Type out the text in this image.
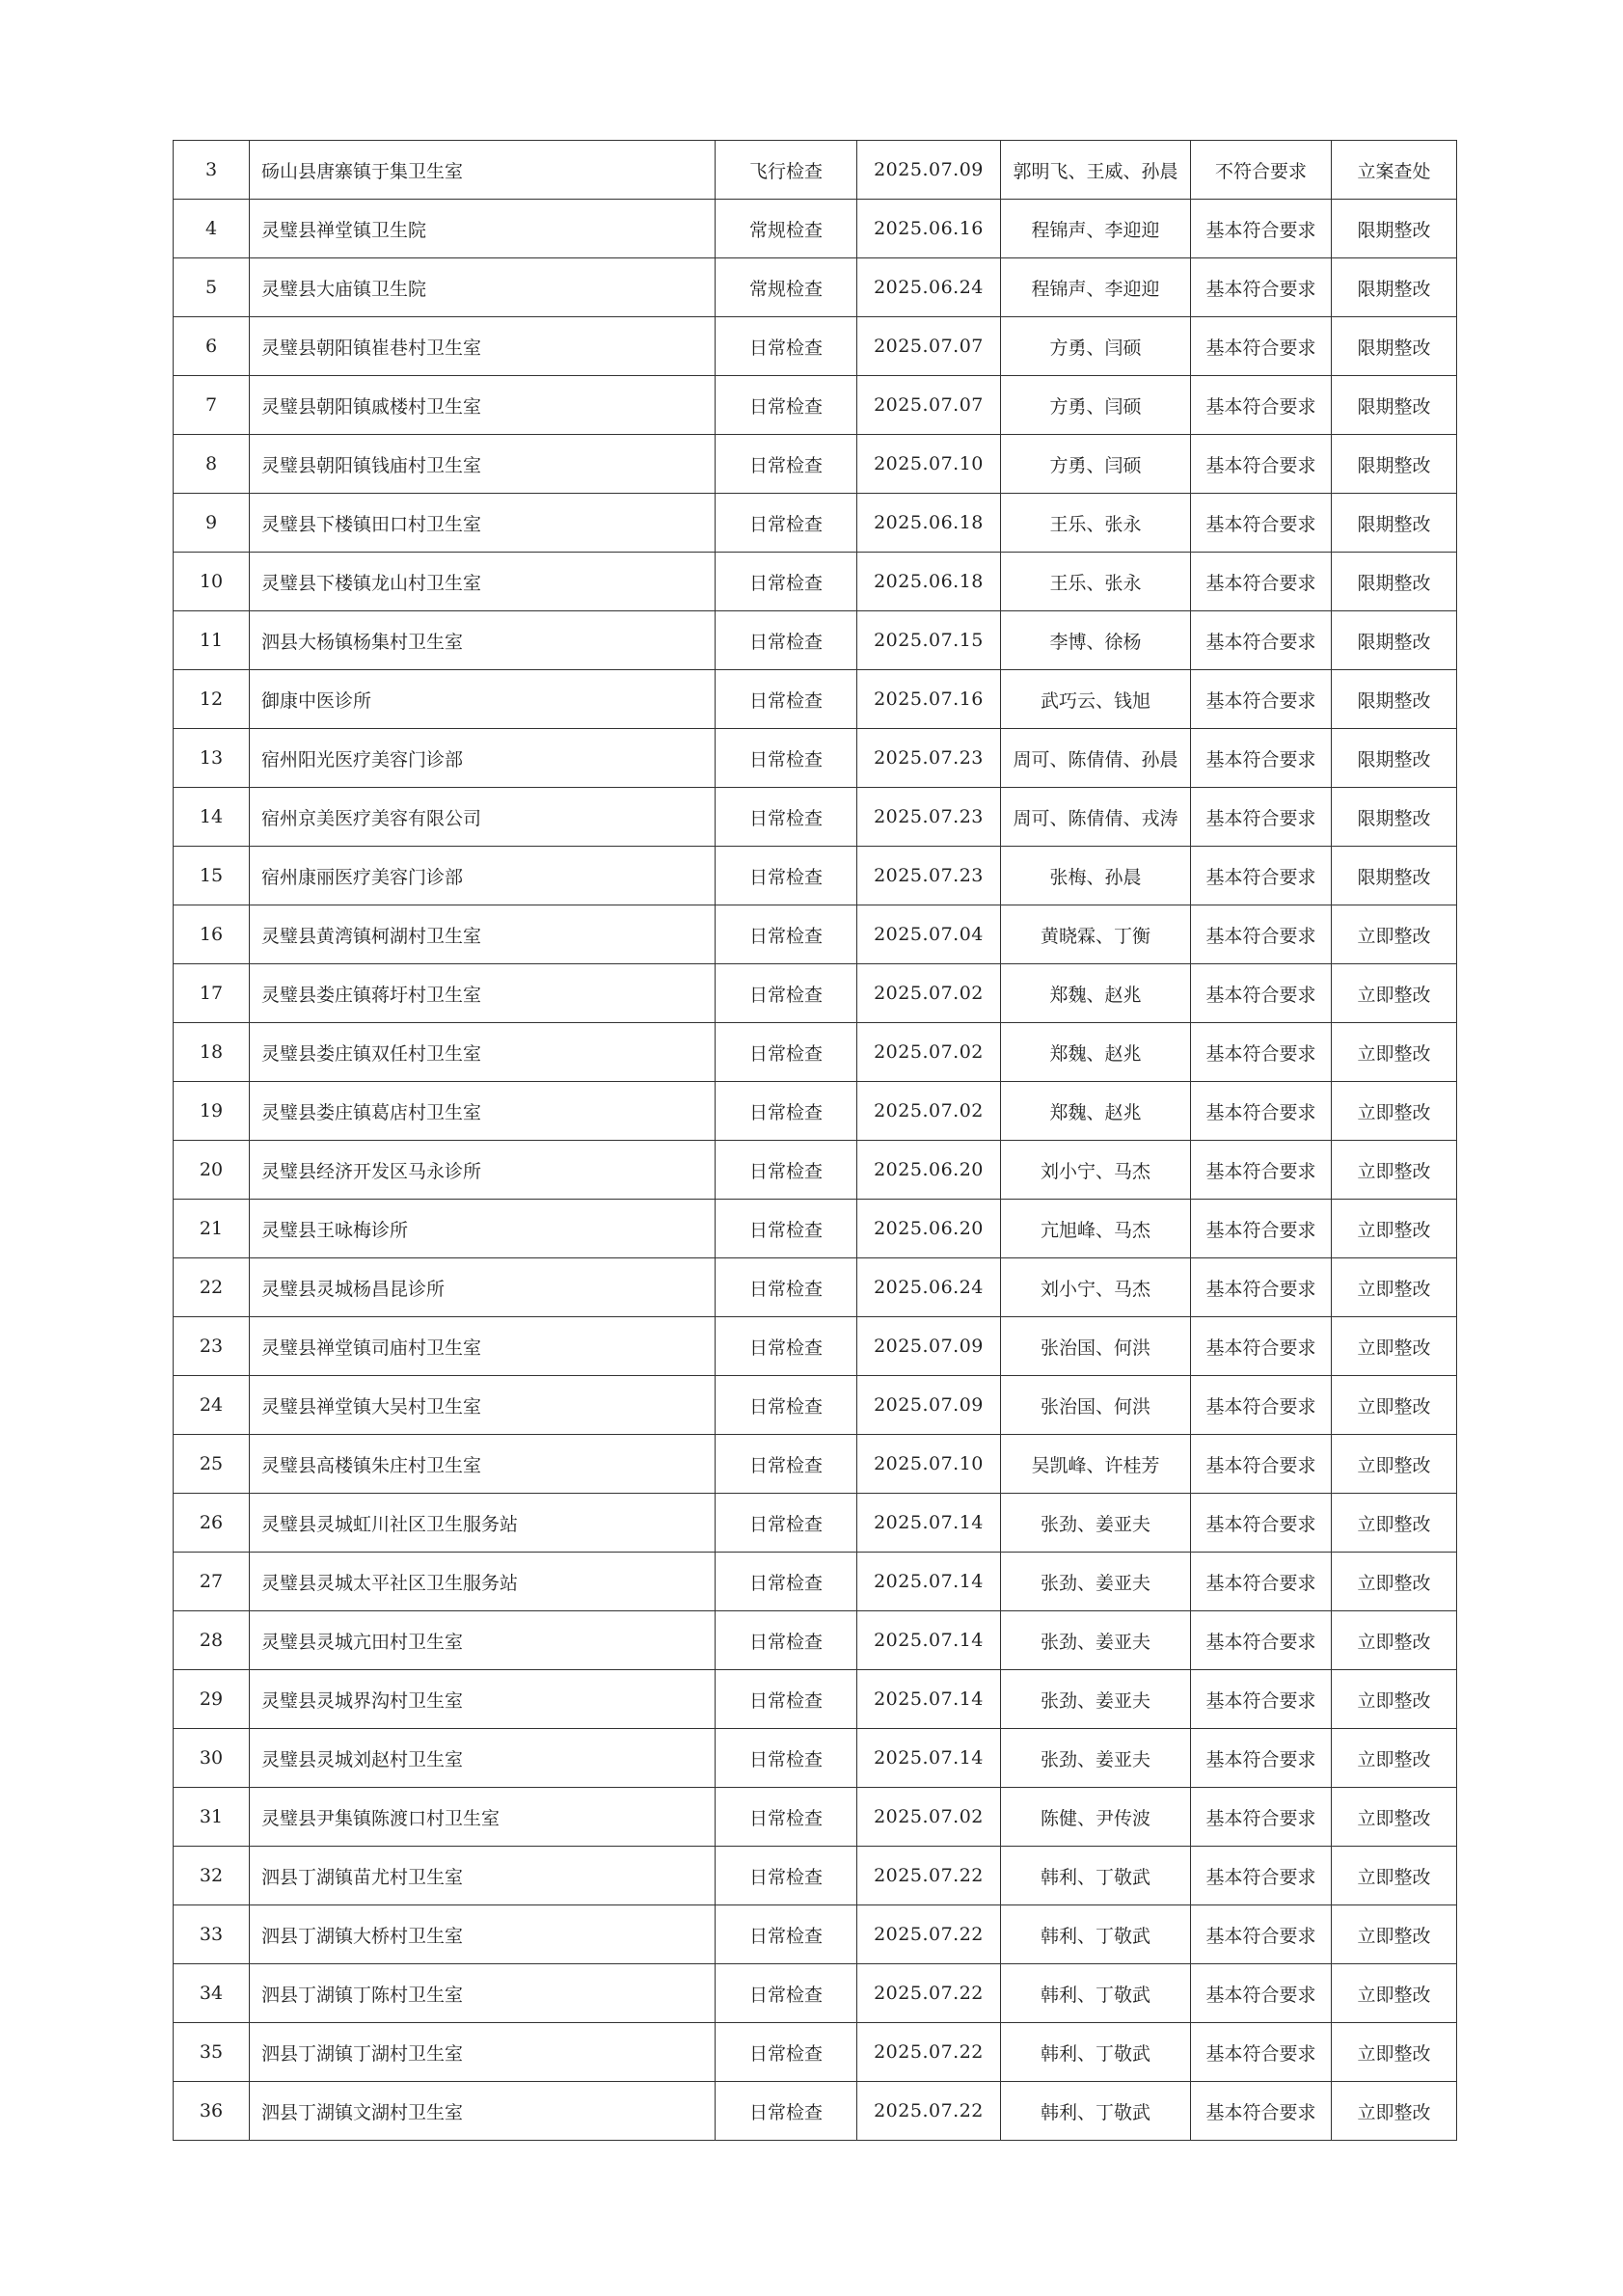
3	砀山县唐寨镇于集卫生室	飞行检查	2025.07.09	郭明飞、王威、孙晨	不符合要求	立案查处
4	灵璧县禅堂镇卫生院	常规检查	2025.06.16	程锦声、李迎迎	基本符合要求	限期整改
5	灵璧县大庙镇卫生院	常规检查	2025.06.24	程锦声、李迎迎	基本符合要求	限期整改
6	灵璧县朝阳镇崔巷村卫生室	日常检查	2025.07.07	方勇、闫硕	基本符合要求	限期整改
7	灵璧县朝阳镇戚楼村卫生室	日常检查	2025.07.07	方勇、闫硕	基本符合要求	限期整改
8	灵璧县朝阳镇钱庙村卫生室	日常检查	2025.07.10	方勇、闫硕	基本符合要求	限期整改
9	灵璧县下楼镇田口村卫生室	日常检查	2025.06.18	王乐、张永	基本符合要求	限期整改
10	灵璧县下楼镇龙山村卫生室	日常检查	2025.06.18	王乐、张永	基本符合要求	限期整改
11	泗县大杨镇杨集村卫生室	日常检查	2025.07.15	李博、徐杨	基本符合要求	限期整改
12	御康中医诊所	日常检查	2025.07.16	武巧云、钱旭	基本符合要求	限期整改
13	宿州阳光医疗美容门诊部	日常检查	2025.07.23	周可、陈倩倩、孙晨	基本符合要求	限期整改
14	宿州京美医疗美容有限公司	日常检查	2025.07.23	周可、陈倩倩、戎涛	基本符合要求	限期整改
15	宿州康丽医疗美容门诊部	日常检查	2025.07.23	张梅、孙晨	基本符合要求	限期整改
16	灵璧县黄湾镇柯湖村卫生室	日常检查	2025.07.04	黄晓霖、丁衡	基本符合要求	立即整改
17	灵璧县娄庄镇蒋圩村卫生室	日常检查	2025.07.02	郑魏、赵兆	基本符合要求	立即整改
18	灵璧县娄庄镇双任村卫生室	日常检查	2025.07.02	郑魏、赵兆	基本符合要求	立即整改
19	灵璧县娄庄镇葛店村卫生室	日常检查	2025.07.02	郑魏、赵兆	基本符合要求	立即整改
20	灵璧县经济开发区马永诊所	日常检查	2025.06.20	刘小宁、马杰	基本符合要求	立即整改
21	灵璧县王咏梅诊所	日常检查	2025.06.20	亢旭峰、马杰	基本符合要求	立即整改
22	灵璧县灵城杨昌昆诊所	日常检查	2025.06.24	刘小宁、马杰	基本符合要求	立即整改
23	灵璧县禅堂镇司庙村卫生室	日常检查	2025.07.09	张治国、何洪	基本符合要求	立即整改
24	灵璧县禅堂镇大吴村卫生室	日常检查	2025.07.09	张治国、何洪	基本符合要求	立即整改
25	灵璧县高楼镇朱庄村卫生室	日常检查	2025.07.10	吴凯峰、许桂芳	基本符合要求	立即整改
26	灵璧县灵城虹川社区卫生服务站	日常检查	2025.07.14	张劲、姜亚夫	基本符合要求	立即整改
27	灵璧县灵城太平社区卫生服务站	日常检查	2025.07.14	张劲、姜亚夫	基本符合要求	立即整改
28	灵璧县灵城亢田村卫生室	日常检查	2025.07.14	张劲、姜亚夫	基本符合要求	立即整改
29	灵璧县灵城界沟村卫生室	日常检查	2025.07.14	张劲、姜亚夫	基本符合要求	立即整改
30	灵璧县灵城刘赵村卫生室	日常检查	2025.07.14	张劲、姜亚夫	基本符合要求	立即整改
31	灵璧县尹集镇陈渡口村卫生室	日常检查	2025.07.02	陈健、尹传波	基本符合要求	立即整改
32	泗县丁湖镇苗尤村卫生室	日常检查	2025.07.22	韩利、丁敬武	基本符合要求	立即整改
33	泗县丁湖镇大桥村卫生室	日常检查	2025.07.22	韩利、丁敬武	基本符合要求	立即整改
34	泗县丁湖镇丁陈村卫生室	日常检查	2025.07.22	韩利、丁敬武	基本符合要求	立即整改
35	泗县丁湖镇丁湖村卫生室	日常检查	2025.07.22	韩利、丁敬武	基本符合要求	立即整改
36	泗县丁湖镇文湖村卫生室	日常检查	2025.07.22	韩利、丁敬武	基本符合要求	立即整改
